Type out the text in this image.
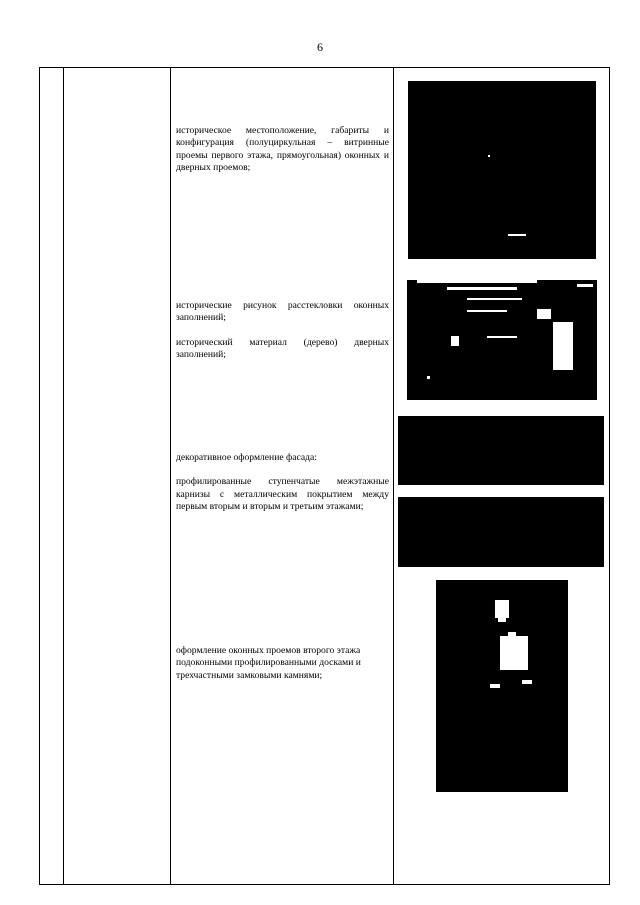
6

историческое местоположение, габариты и конфигурация (полуциркульная – витринные проемы первого этажа, прямоугольная) оконных и дверных проемов;

исторические рисунок расстекловки оконных заполнений;

исторический материал (дерево) дверных заполнений;

декоративное оформление фасада:

профилированные ступенчатые межэтажные карнизы с металлическим покрытием между первым вторым и вторым и третьим этажами;

оформление оконных проемов второго этажа подоконными профилированными досками и трехчастными замковыми камнями;
